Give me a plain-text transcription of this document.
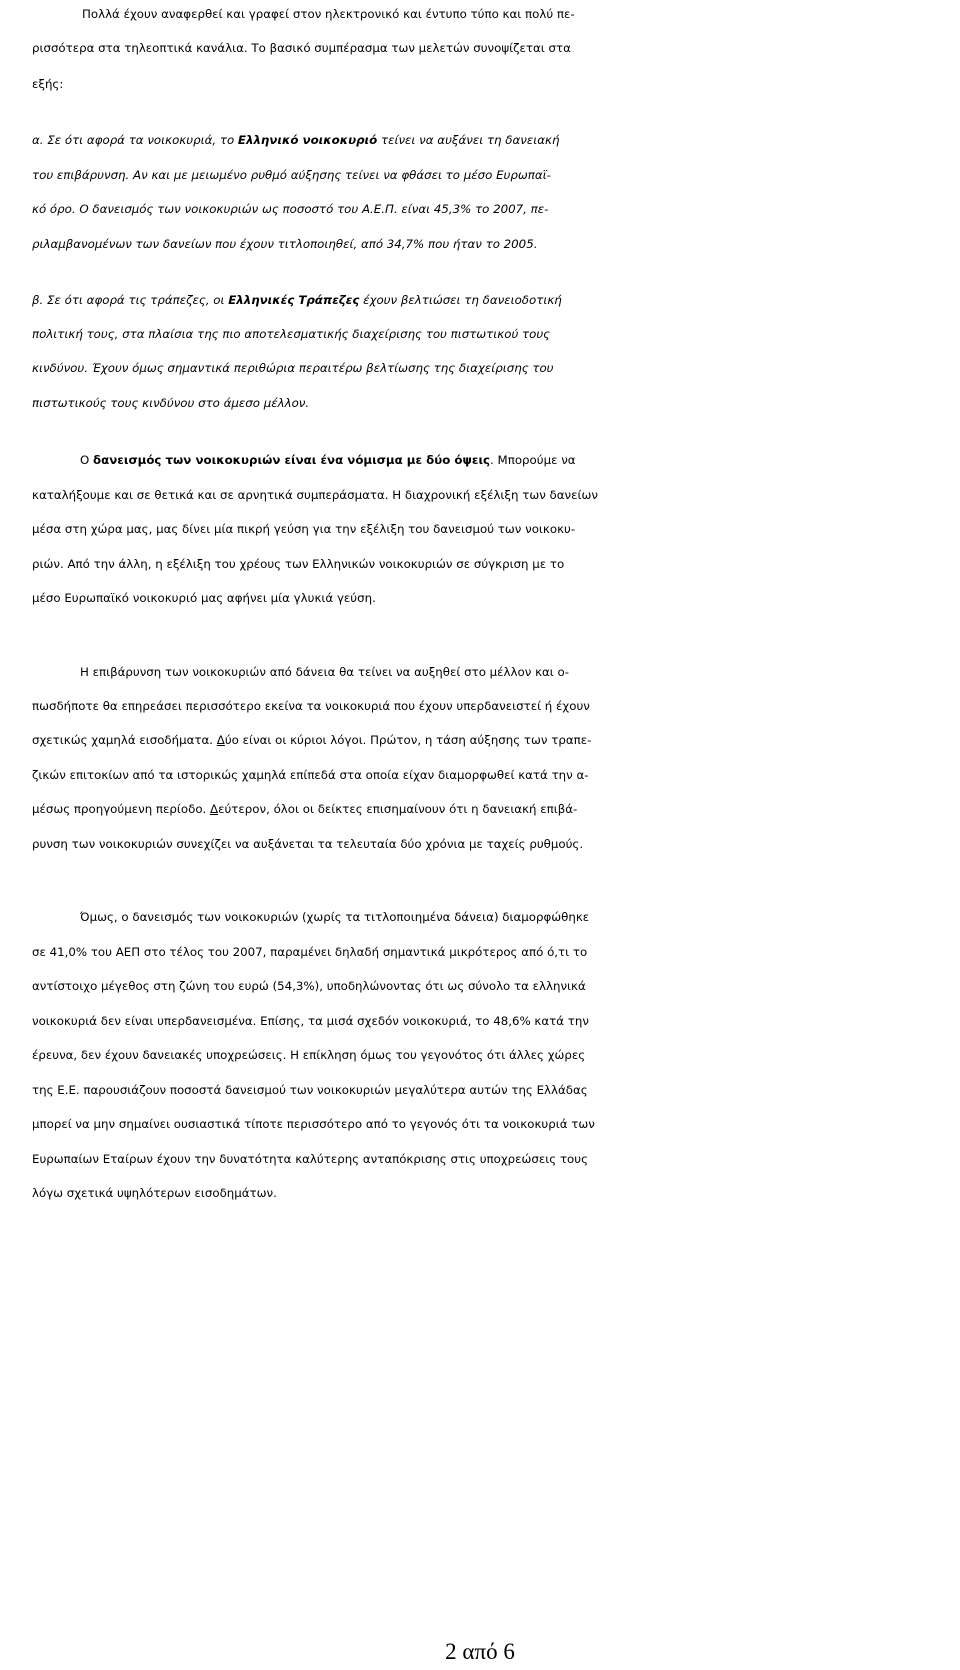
Πολλά έχουν αναφερθεί και γραφεί στον ηλεκτρονικό και έντυπο τύπο και πολύ πε-
ρισσότερα στα τηλεοπτικά κανάλια. Το βασικό συμπέρασμα των μελετών συνοψίζεται στα
εξής:
α. Σε ότι αφορά τα νοικοκυριά, το Ελληνικό νοικοκυριό τείνει να αυξάνει τη δανειακή
του επιβάρυνση. Αν και με μειωμένο ρυθμό αύξησης τείνει να φθάσει το μέσο Ευρωπαϊ-
κό όρο. Ο δανεισμός των νοικοκυριών ως ποσοστό του Α.Ε.Π. είναι 45,3% το 2007, πε-
ριλαμβανομένων των δανείων που έχουν τιτλοποιηθεί, από 34,7% που ήταν το 2005.
β. Σε ότι αφορά τις τράπεζες, οι Ελληνικές Τράπεζες έχουν βελτιώσει τη δανειοδοτική
πολιτική τους, στα πλαίσια της πιο αποτελεσματικής διαχείρισης του πιστωτικού τους
κινδύνου. Έχουν όμως σημαντικά περιθώρια περαιτέρω βελτίωσης της διαχείρισης του
πιστωτικούς τους κινδύνου στο άμεσο μέλλον.
Ο δανεισμός των νοικοκυριών είναι ένα νόμισμα με δύο όψεις. Μπορούμε να
καταλήξουμε και σε θετικά και σε αρνητικά συμπεράσματα. Η διαχρονική εξέλιξη των δανείων
μέσα στη χώρα μας, μας δίνει μία πικρή γεύση για την εξέλιξη του δανεισμού των νοικοκυ-
ριών. Από την άλλη, η εξέλιξη του χρέους των Ελληνικών νοικοκυριών σε σύγκριση με το
μέσο Ευρωπαϊκό νοικοκυριό μας αφήνει μία γλυκιά γεύση.
Η επιβάρυνση των νοικοκυριών από δάνεια θα τείνει να αυξηθεί στο μέλλον και ο-
πωσδήποτε θα επηρεάσει περισσότερο εκείνα τα νοικοκυριά που έχουν υπερδανειστεί ή έχουν
σχετικώς χαμηλά εισοδήματα. Δύο είναι οι κύριοι λόγοι. Πρώτον, η τάση αύξησης των τραπε-
ζικών επιτοκίων από τα ιστορικώς χαμηλά επίπεδά στα οποία είχαν διαμορφωθεί κατά την α-
μέσως προηγούμενη περίοδο. Δεύτερον, όλοι οι δείκτες επισημαίνουν ότι η δανειακή επιβά-
ρυνση των νοικοκυριών συνεχίζει να αυξάνεται τα τελευταία δύο χρόνια με ταχείς ρυθμούς.
Όμως, ο δανεισμός των νοικοκυριών (χωρίς τα τιτλοποιημένα δάνεια) διαμορφώθηκε
σε 41,0% του ΑΕΠ στο τέλος του 2007, παραμένει δηλαδή σημαντικά μικρότερος από ό,τι το
αντίστοιχο μέγεθος στη ζώνη του ευρώ (54,3%), υποδηλώνοντας ότι ως σύνολο τα ελληνικά
νοικοκυριά δεν είναι υπερδανεισμένα. Επίσης, τα μισά σχεδόν νοικοκυριά, το 48,6% κατά την
έρευνα, δεν έχουν δανειακές υποχρεώσεις. Η επίκληση όμως του γεγονότος ότι άλλες χώρες
της Ε.Ε. παρουσιάζουν ποσοστά δανεισμού των νοικοκυριών μεγαλύτερα αυτών της Ελλάδας
μπορεί να μην σημαίνει ουσιαστικά τίποτε περισσότερο από το γεγονός ότι τα νοικοκυριά των
Ευρωπαίων Εταίρων έχουν την δυνατότητα καλύτερης ανταπόκρισης στις υποχρεώσεις τους
λόγω σχετικά υψηλότερων εισοδημάτων.
2 από 6
